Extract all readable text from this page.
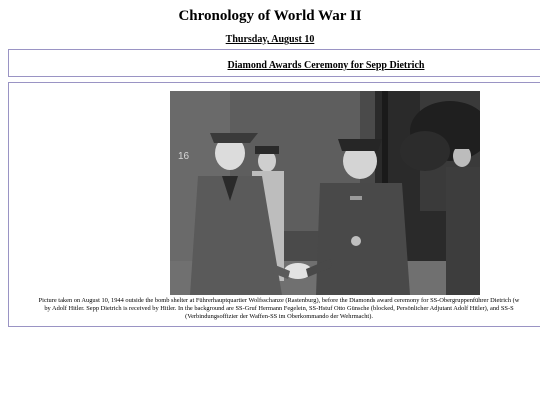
Chronology of World War II
Thursday, August 10
Diamond Awards Ceremony for Sepp Dietrich
16
Picture taken on August 10, 1944 outside the bomb shelter at Führerhauptquartier Wolfsschanze (Rastenburg), before the Diamonds award ceremony for SS-Obergruppenführer Dietrich (w
by Adolf Hitler. Sepp Dietrich is received by Hitler. In the background are SS-Gruf Hermann Fegelein, SS-Hstuf Otto Günsche (blocked, Persönlicher Adjutant Adolf Hitler), and SS-S
(Verbindungsoffizier der Waffen-SS im Oberkommando der Wehrmacht).
